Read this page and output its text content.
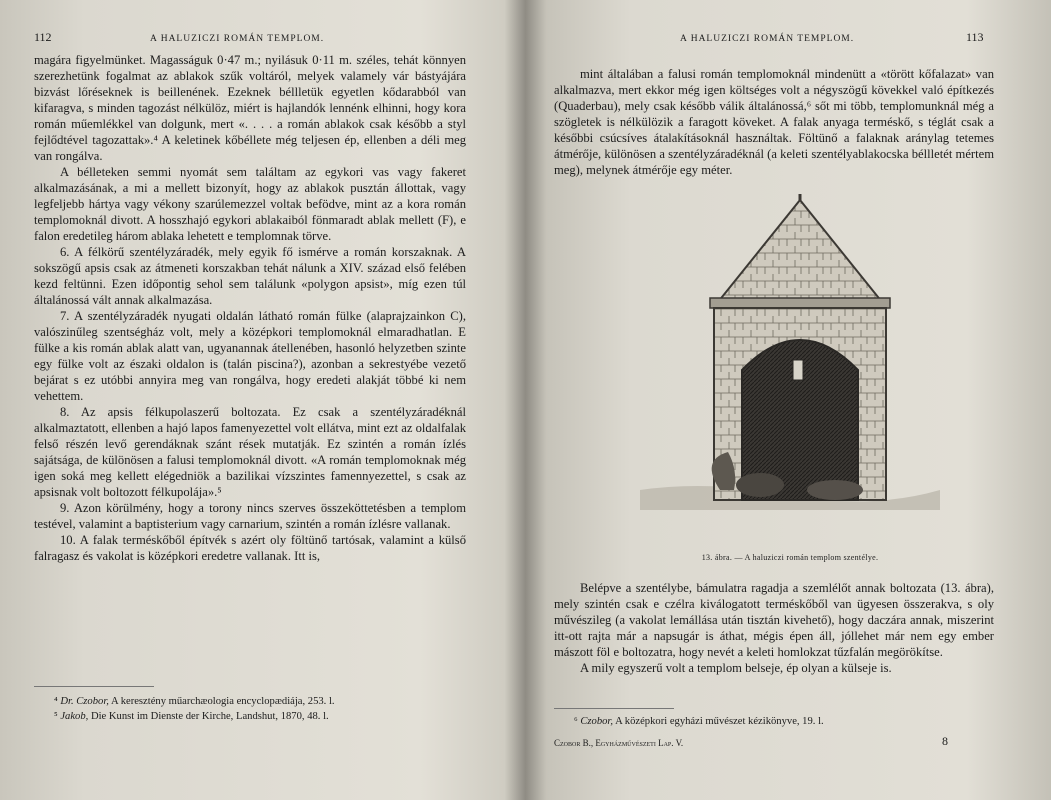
112	A HALUZICZI ROMÁN TEMPLOM.

magára figyelmünket. Magasságuk 0·47 m.; nyilásuk 0·11 m. széles, tehát könnyen szerezhetünk fogalmat az ablakok szűk voltáról, melyek valamely vár bástyájára bizvást lőréseknek is beillenének. Ezeknek béllletük egyetlen kődarabból van kifaragva, s minden tagozást nélkülöz, miért is hajlandók lennénk elhinni, hogy kora román műemlékkel van dolgunk, mert «. . . . a román ablakok csak később a styl fejlődtével tagozattak».⁴ A keletinek kőbéllete még teljesen ép, ellenben a déli meg van rongálva.

A bélleteken semmi nyomát sem találtam az egykori vas vagy fakeret alkalmazásának, a mi a mellett bizonyít, hogy az ablakok pusztán állottak, vagy legfeljebb hártya vagy vékony szarúlemezzel voltak befödve, mint az a kora román templomoknál divott. A hosszhajó egykori ablakaiból fönmaradt ablak mellett (F), e falon eredetileg három ablaka lehetett e templomnak törve.

6. A félkörű szentélyzáradék, mely egyik fő ismérve a román korszaknak. A sokszögű apsis csak az átmeneti korszakban tehát nálunk a XIV. század első felében kezd feltünni. Ezen időpontig sehol sem találunk «polygon apsist», míg ezen túl általánossá vált annak alkalmazása.

7. A szentélyzáradék nyugati oldalán látható román fülke (alaprajzainkon C), valószinűleg szentségház volt, mely a középkori templomoknál elmaradhatlan. E fülke a kis román ablak alatt van, ugyanannak átellenében, hasonló helyzetben szinte egy fülke volt az északi oldalon is (talán piscina?), azonban a sekrestyébe vezető bejárat s ez utóbbi annyira meg van rongálva, hogy eredeti alakját többé ki nem vehettem.

8. Az apsis félkupolaszerű boltozata. Ez csak a szentélyzáradéknál alkalmaztatott, ellenben a hajó lapos famenyezettel volt ellátva, mint ezt az oldalfalak felső részén levő gerendáknak szánt rések mutatják. Ez szintén a román ízlés sajátsága, de különösen a falusi templomoknál divott. «A román templomoknak még igen soká meg kellett elégedniök a bazilikai vízszintes famennyezettel, s csak az apsisnak volt boltozott félkupolája».⁵

9. Azon körülmény, hogy a torony nincs szerves összeköttetésben a templom testével, valamint a baptisterium vagy carnarium, szintén a román ízlésre vallanak.

10. A falak terméskőből építvék s azért oly föltünő tartósak, valamint a külső falragasz és vakolat is középkori eredetre vallanak. Itt is,

⁴ Dr. Czobor, A keresztény műarchæologia encyclopædiája, 253. l.

⁵ Jakob, Die Kunst im Dienste der Kirche, Landshut, 1870, 48. l.

A HALUZICZI ROMÁN TEMPLOM.	113

mint általában a falusi román templomoknál mindenütt a «törött kőfalazat» van alkalmazva, mert ekkor még igen költséges volt a négyszögű kövekkel való építkezés (Quaderbau), mely csak később válik általánossá,⁶ sőt mi több, templomunknál még a szögletek is nélkülözik a faragott köveket. A falak anyaga terméskő, s téglát csak a későbbi csúcsíves átalakításoknál használtak. Föltünő a falaknak aránylag tetemes átmérője, különösen a szentélyzáradéknál (a keleti szentélyablakocska béllletét mértem meg), melynek átmérője egy méter.

13. ábra. — A haluziczi román templom szentélye.

Belépve a szentélybe, bámulatra ragadja a szemlélőt annak boltozata (13. ábra), mely szintén csak e czélra kiválogatott terméskőből van ügyesen összerakva, s oly művészileg (a vakolat lemállása után tisztán kivehető), hogy daczára annak, miszerint itt-ott rajta már a napsugár is áthat, mégis épen áll, jóllehet már nem egy ember mászott föl e boltozatra, hogy nevét a keleti homlokzat tűzfalán megörökítse.

A mily egyszerű volt a templom belseje, ép olyan a külseje is.

⁶ Czobor, A középkori egyházi művészet kézikönyve, 19. l.

Czobor B., Egyházművészeti Lap. V.	8
